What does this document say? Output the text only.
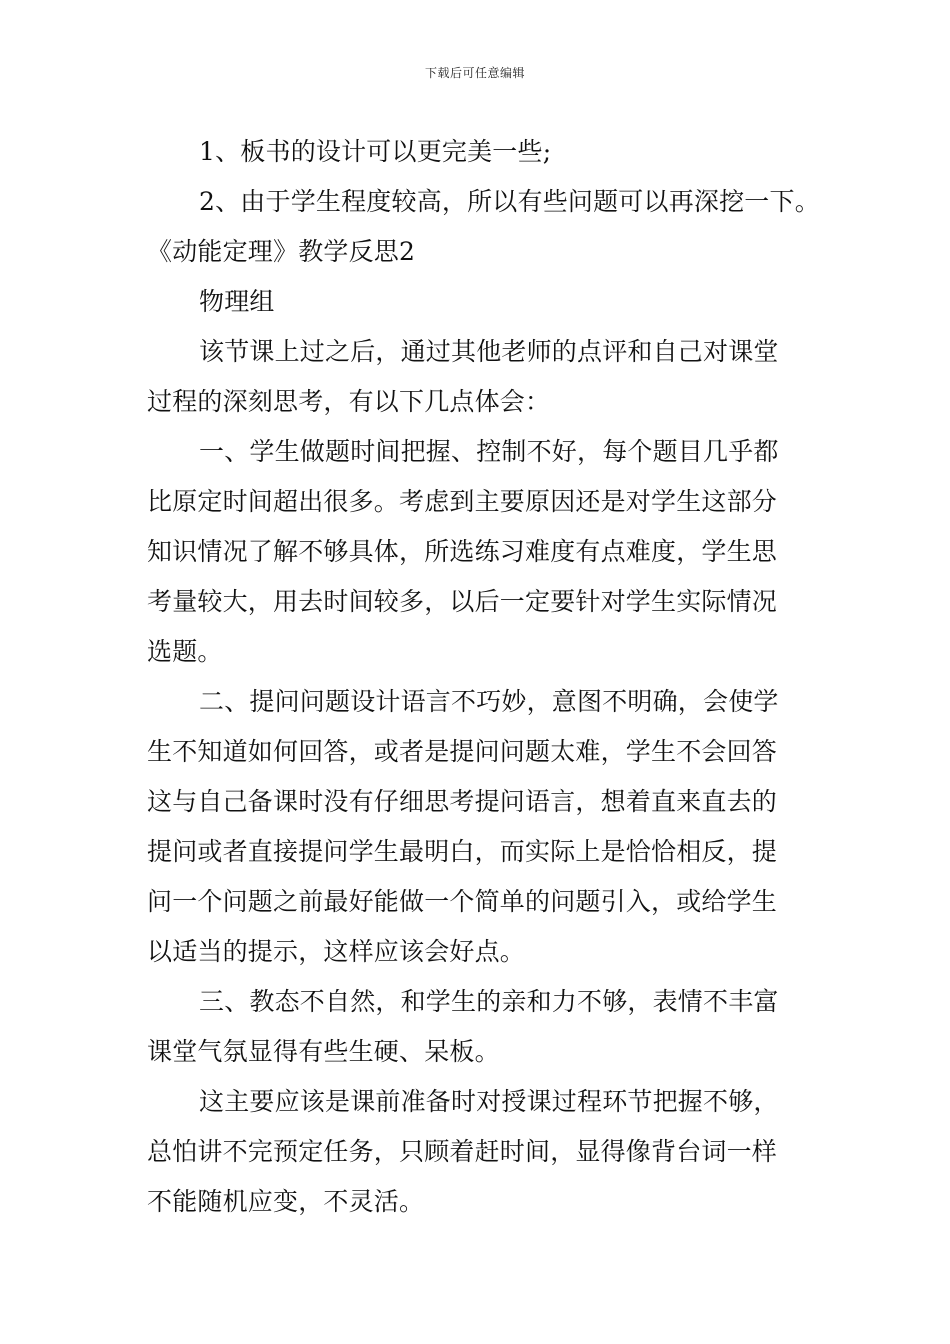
下载后可任意编辑
1、板书的设计可以更完美一些;
2、由于学生程度较高，所以有些问题可以再深挖一下。
《动能定理》教学反思2
物理组
该节课上过之后，通过其他老师的点评和自己对课堂
过程的深刻思考，有以下几点体会：
一、学生做题时间把握、控制不好，每个题目几乎都
比原定时间超出很多。考虑到主要原因还是对学生这部分
知识情况了解不够具体，所选练习难度有点难度，学生思
考量较大，用去时间较多，以后一定要针对学生实际情况
选题。
二、提问问题设计语言不巧妙，意图不明确，会使学
生不知道如何回答，或者是提问问题太难，学生不会回答
这与自己备课时没有仔细思考提问语言，想着直来直去的
提问或者直接提问学生最明白，而实际上是恰恰相反，提
问一个问题之前最好能做一个简单的问题引入，或给学生
以适当的提示，这样应该会好点。
三、教态不自然，和学生的亲和力不够，表情不丰富
课堂气氛显得有些生硬、呆板。
这主要应该是课前准备时对授课过程环节把握不够，
总怕讲不完预定任务，只顾着赶时间，显得像背台词一样
不能随机应变，不灵活。
